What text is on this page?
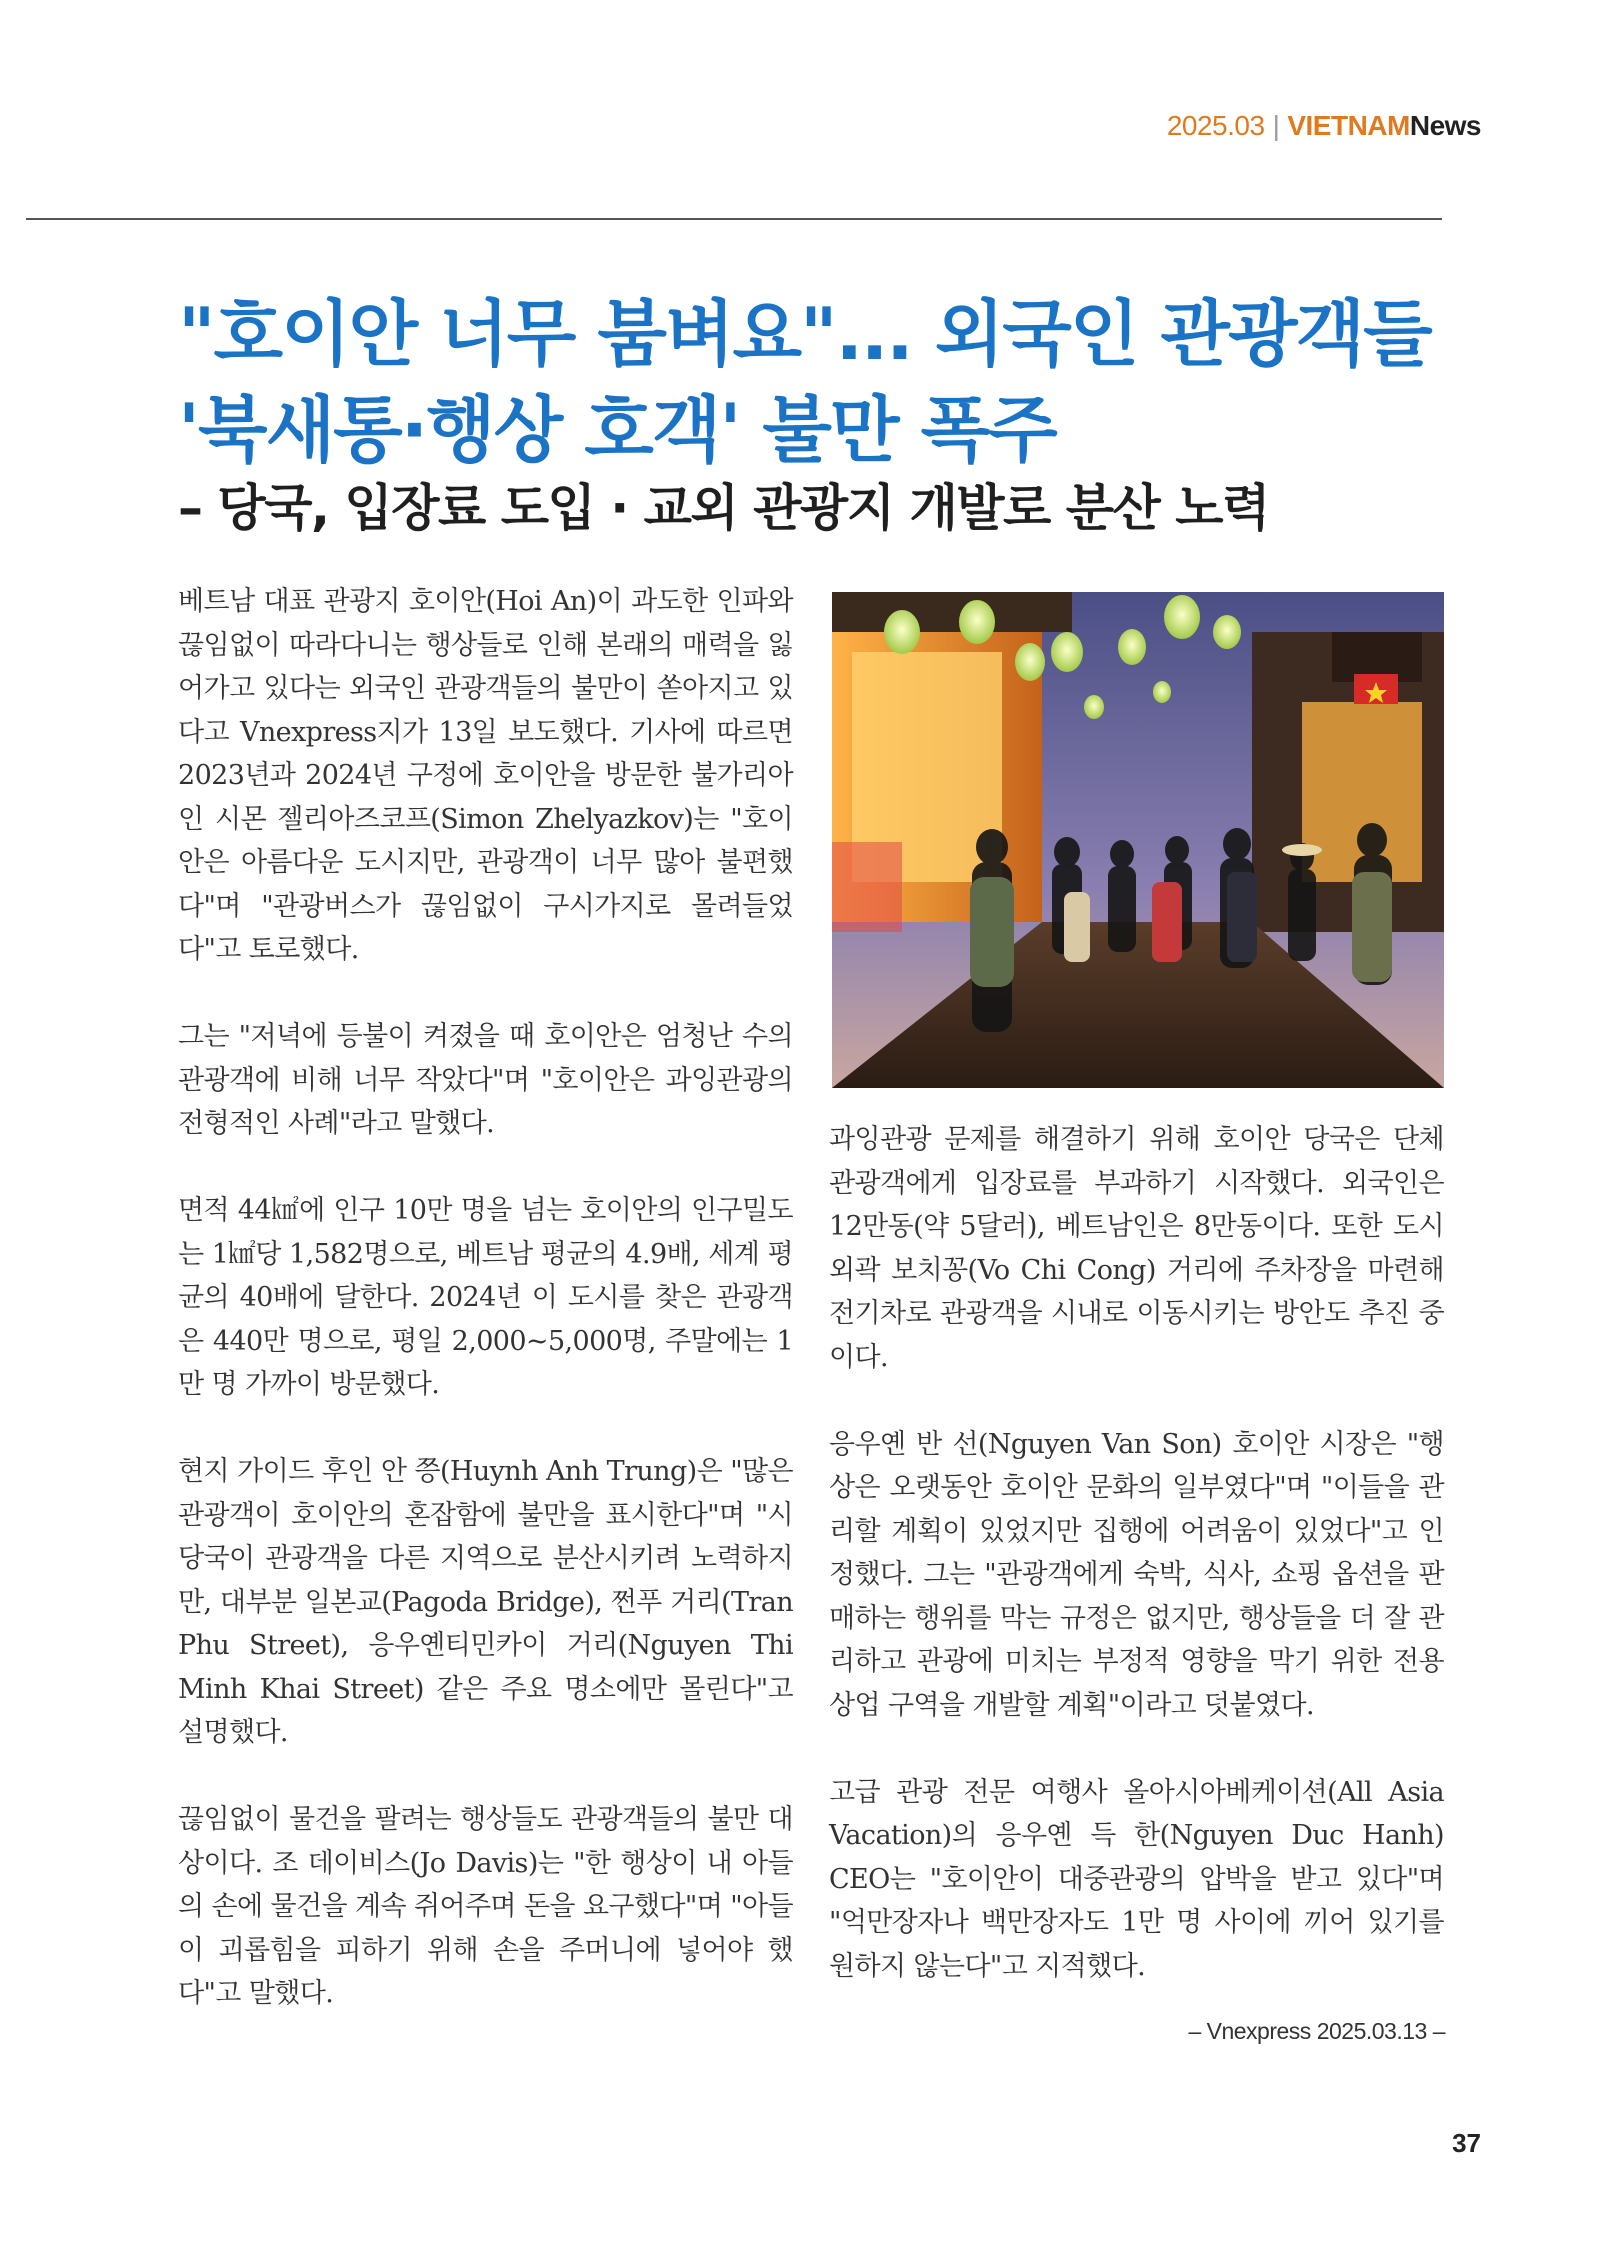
2025.03 | VIETNAMNews
"호이안 너무 붐벼요"... 외국인 관광객들
'북새통·행상 호객' 불만 폭주
– 당국, 입장료 도입 · 교외 관광지 개발로 분산 노력

베트남 대표 관광지 호이안(Hoi An)이 과도한 인파와 끊임없이 따라다니는 행상들로 인해 본래의 매력을 잃어가고 있다는 외국인 관광객들의 불만이 쏟아지고 있다고 Vnexpress지가 13일 보도했다. 기사에 따르면 2023년과 2024년 구정에 호이안을 방문한 불가리아인 시몬 젤리아즈코프(Simon Zhelyazkov)는 "호이안은 아름다운 도시지만, 관광객이 너무 많아 불편했다"며 "관광버스가 끊임없이 구시가지로 몰려들었다"고 토로했다.

그는 "저녁에 등불이 켜졌을 때 호이안은 엄청난 수의 관광객에 비해 너무 작았다"며 "호이안은 과잉관광의 전형적인 사례"라고 말했다.

면적 44㎢에 인구 10만 명을 넘는 호이안의 인구밀도는 1㎢당 1,582명으로, 베트남 평균의 4.9배, 세계 평균의 40배에 달한다. 2024년 이 도시를 찾은 관광객은 440만 명으로, 평일 2,000~5,000명, 주말에는 1만 명 가까이 방문했다.

현지 가이드 후인 안 쯩(Huynh Anh Trung)은 "많은 관광객이 호이안의 혼잡함에 불만을 표시한다"며 "시 당국이 관광객을 다른 지역으로 분산시키려 노력하지만, 대부분 일본교(Pagoda Bridge), 쩐푸 거리(Tran Phu Street), 응우옌티민카이 거리(Nguyen Thi Minh Khai Street) 같은 주요 명소에만 몰린다"고 설명했다.

끊임없이 물건을 팔려는 행상들도 관광객들의 불만 대상이다. 조 데이비스(Jo Davis)는 "한 행상이 내 아들의 손에 물건을 계속 쥐어주며 돈을 요구했다"며 "아들이 괴롭힘을 피하기 위해 손을 주머니에 넣어야 했다"고 말했다.

과잉관광 문제를 해결하기 위해 호이안 당국은 단체 관광객에게 입장료를 부과하기 시작했다. 외국인은 12만동(약 5달러), 베트남인은 8만동이다. 또한 도시 외곽 보치꽁(Vo Chi Cong) 거리에 주차장을 마련해 전기차로 관광객을 시내로 이동시키는 방안도 추진 중이다.

응우옌 반 선(Nguyen Van Son) 호이안 시장은 "행상은 오랫동안 호이안 문화의 일부였다"며 "이들을 관리할 계획이 있었지만 집행에 어려움이 있었다"고 인정했다. 그는 "관광객에게 숙박, 식사, 쇼핑 옵션을 판매하는 행위를 막는 규정은 없지만, 행상들을 더 잘 관리하고 관광에 미치는 부정적 영향을 막기 위한 전용 상업 구역을 개발할 계획"이라고 덧붙였다.

고급 관광 전문 여행사 올아시아베케이션(All Asia Vacation)의 응우옌 득 한(Nguyen Duc Hanh) CEO는 "호이안이 대중관광의 압박을 받고 있다"며 "억만장자나 백만장자도 1만 명 사이에 끼어 있기를 원하지 않는다"고 지적했다.

– Vnexpress 2025.03.13 –
37
